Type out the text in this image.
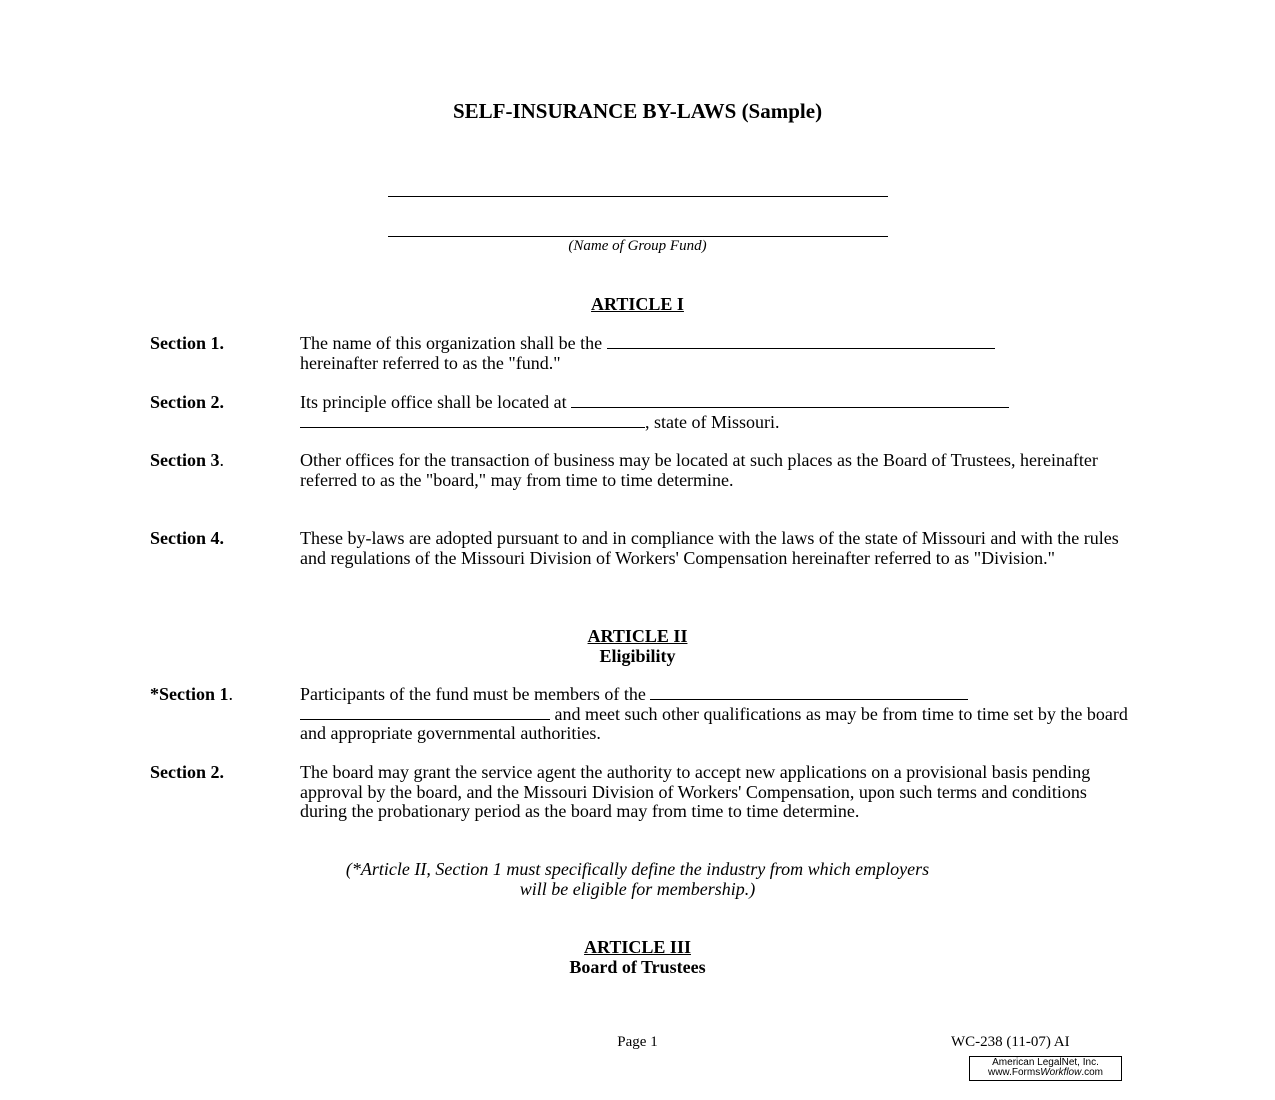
SELF-INSURANCE BY-LAWS (Sample)
(Name of Group Fund)
ARTICLE I
Section 1.	The name of this organization shall be the
hereinafter referred to as the "fund."
Section 2.	Its principle office shall be located at
, state of Missouri.
Section 3.	Other offices for the transaction of business may be located at such places as the Board of Trustees, hereinafter referred to as the "board," may from time to time determine.
Section 4.	These by-laws are adopted pursuant to and in compliance with the laws of the state of Missouri and with the rules and regulations of the Missouri Division of Workers' Compensation hereinafter referred to as "Division."
ARTICLE II
Eligibility
*Section 1.	Participants of the fund must be members of the
and meet such other qualifications as may be from time to time set by the board and appropriate governmental authorities.
Section 2.	The board may grant the service agent the authority to accept new applications on a provisional basis pending approval by the board, and the Missouri Division of Workers' Compensation, upon such terms and conditions during the probationary period as the board may from time to time determine.
(*Article II, Section 1 must specifically define the industry from which employers
will be eligible for membership.)
ARTICLE III
Board of Trustees
Page 1	WC-238 (11-07) AI
American LegalNet, Inc.
www.FormsWorkflow.com
